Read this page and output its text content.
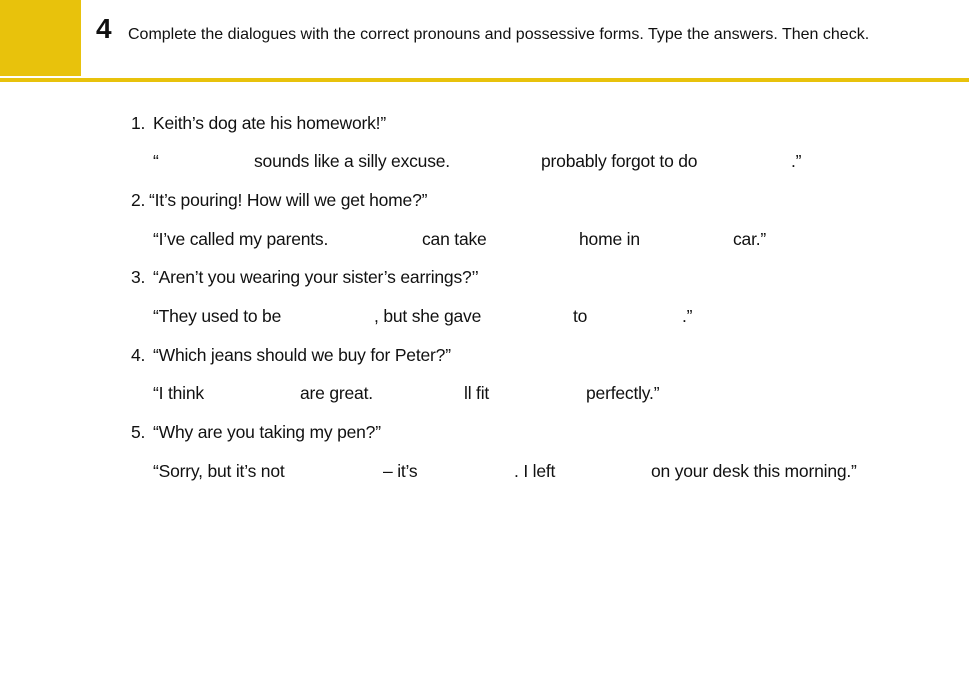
4 Complete the dialogues with the correct pronouns and possessive forms. Type the answers. Then check.
1. Keith’s dog ate his homework!”
“	sounds like a silly excuse.	probably forgot to do	.”
2. “It’s pouring! How will we get home?”
“I’ve called my parents.	can take	home in	car.”
3. “Aren’t you wearing your sister’s earrings?’’
“They used to be	, but she gave	to	.”
4. “Which jeans should we buy for Peter?”
“I think	are great.	ll fit	perfectly.”
5. “Why are you taking my pen?”
“Sorry, but it’s not	– it’s	. I left	on your desk this morning.”
